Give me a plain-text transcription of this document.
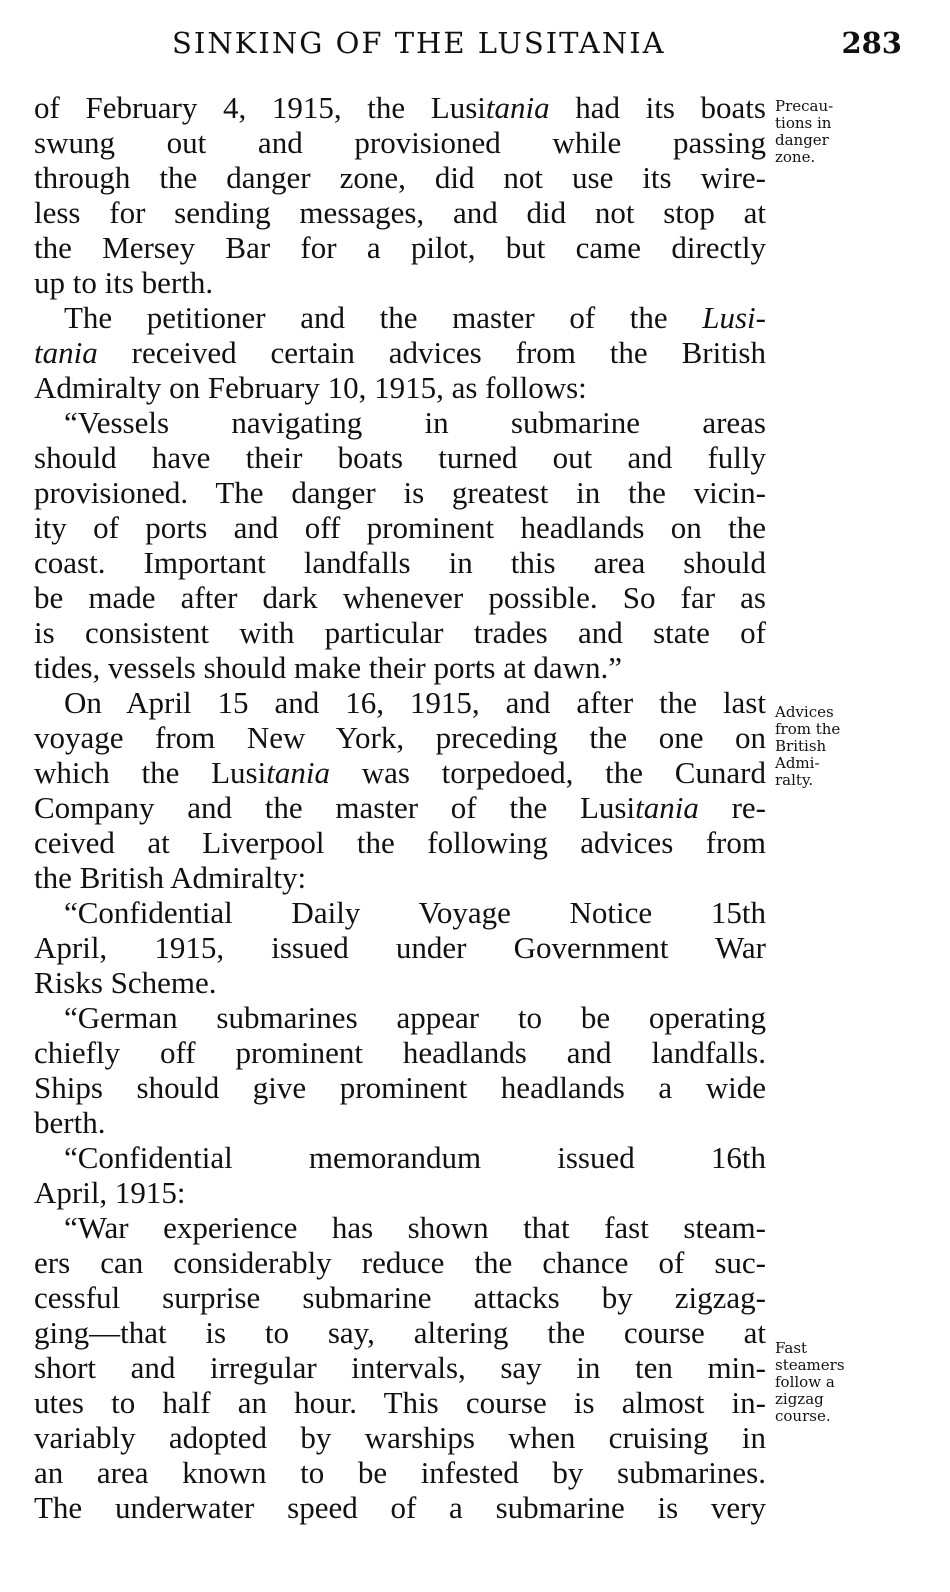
SINKING OF THE LUSITANIA	283
of February 4, 1915, the Lusitania had its boats
swung out and provisioned while passing
through the danger zone, did not use its wire-
less for sending messages, and did not stop at
the Mersey Bar for a pilot, but came directly
up to its berth.
The petitioner and the master of the Lusi-
tania received certain advices from the British
Admiralty on February 10, 1915, as follows:
“Vessels navigating in submarine areas
should have their boats turned out and fully
provisioned. The danger is greatest in the vicin-
ity of ports and off prominent headlands on the
coast. Important landfalls in this area should
be made after dark whenever possible. So far as
is consistent with particular trades and state of
tides, vessels should make their ports at dawn.”
On April 15 and 16, 1915, and after the last
voyage from New York, preceding the one on
which the Lusitania was torpedoed, the Cunard
Company and the master of the Lusitania re-
ceived at Liverpool the following advices from
the British Admiralty:
“Confidential Daily Voyage Notice 15th
April, 1915, issued under Government War
Risks Scheme.
“German submarines appear to be operating
chiefly off prominent headlands and landfalls.
Ships should give prominent headlands a wide
berth.
“Confidential memorandum issued 16th
April, 1915:
“War experience has shown that fast steam-
ers can considerably reduce the chance of suc-
cessful surprise submarine attacks by zigzag-
ging—that is to say, altering the course at
short and irregular intervals, say in ten min-
utes to half an hour. This course is almost in-
variably adopted by warships when cruising in
an area known to be infested by submarines.
The underwater speed of a submarine is very
Precau-
tions in
danger
zone.
Advices
from the
British
Admi-
ralty.
Fast
steamers
follow a
zigzag
course.
